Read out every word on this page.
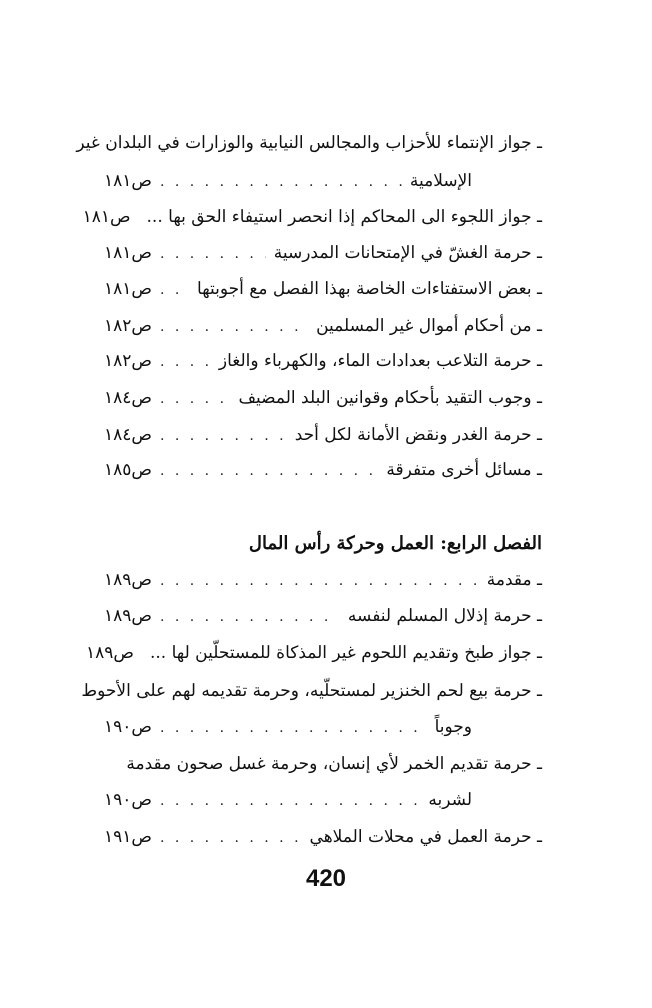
ـ جواز الإنتماء للأحزاب والمجالس النيابية والوزارات في البلدان غير
الإسلامية
. . .
ص١٨١
ـ جواز اللجوء الى المحاكم إذا انحصر استيفاء الحق بها ...
ص١٨١
ـ حرمة الغشّ في الإمتحانات المدرسية
. . .
ص١٨١
ـ بعض الاستفتاءات الخاصة بهذا الفصل مع أجوبتها
. . .
ص١٨١
ـ من أحكام أموال غير المسلمين
. . .
ص١٨٢
ـ حرمة التلاعب بعدادات الماء، والكهرباء والغاز
. . .
ص١٨٢
ـ وجوب التقيد بأحكام وقوانين البلد المضيف
. . .
ص١٨٤
ـ حرمة الغدر ونقض الأمانة لكل أحد
. . .
ص١٨٤
ـ مسائل أخرى متفرقة
. . .
ص١٨٥
الفصل الرابع: العمل وحركة رأس المال
ـ مقدمة
. . .
ص١٨٩
ـ حرمة إذلال المسلم لنفسه
. . .
ص١٨٩
ـ جواز طبخ وتقديم اللحوم غير المذكاة للمستحلّين لها ...
ص١٨٩
ـ حرمة بيع لحم الخنزير لمستحلّيه، وحرمة تقديمه لهم على الأحوط
وجوباً
. . .
ص١٩٠
ـ حرمة تقديم الخمر لأي إنسان، وحرمة غسل صحون مقدمة
لشربه
. . .
ص١٩٠
ـ حرمة العمل في محلات الملاهي
. . .
ص١٩١
420
